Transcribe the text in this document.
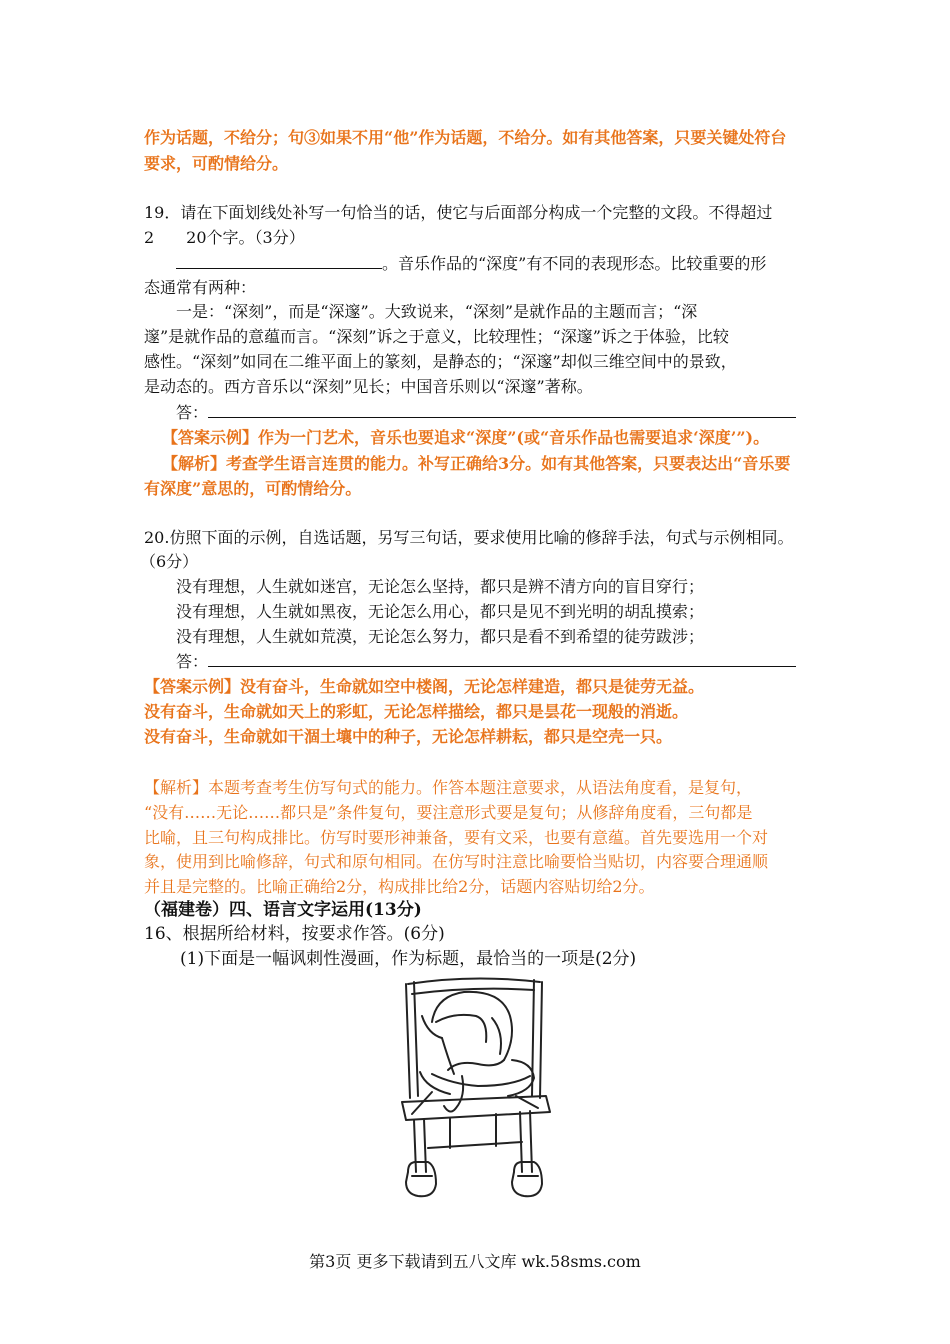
作为话题，不给分；句③如果不用“他”作为话题，不给分。如有其他答案，只要关键处符台
要求，可酌情给分。
19．请在下面划线处补写一句恰当的话，使它与后面部分构成一个完整的文段。不得超过
2　　20个字。（3分）
。音乐作品的“深度”有不同的表现形态。比较重要的形
态通常有两种：
一是：“深刻”，而是“深邃”。大致说来，“深刻”是就作品的主题而言；“深
邃”是就作品的意蕴而言。“深刻”诉之于意义，比较理性；“深邃”诉之于体验，比较
感性。“深刻”如同在二维平面上的篆刻，是静态的；“深邃”却似三维空间中的景致，
是动态的。西方音乐以“深刻”见长；中国音乐则以“深邃”著称。
答：
【答案示例】作为一门艺术，音乐也要追求“深度”(或“音乐作品也需要追求‘深度’”)。
【解析】考查学生语言连贯的能力。补写正确给3分。如有其他答案，只要表达出“音乐要
有深度”意思的，可酌情给分。
20.仿照下面的示例，自选话题，另写三句话，要求使用比喻的修辞手法，句式与示例相同。
（6分）
没有理想，人生就如迷宫，无论怎么坚持，都只是辨不清方向的盲目穿行；
没有理想，人生就如黑夜，无论怎么用心，都只是见不到光明的胡乱摸索；
没有理想，人生就如荒漠，无论怎么努力，都只是看不到希望的徒劳跋涉；
答：
【答案示例】没有奋斗，生命就如空中楼阁，无论怎样建造，都只是徒劳无益。
没有奋斗，生命就如天上的彩虹，无论怎样描绘，都只是昙花一现般的消逝。
没有奋斗，生命就如干涸土壤中的种子，无论怎样耕耘，都只是空壳一只。
【解析】本题考查考生仿写句式的能力。作答本题注意要求，从语法角度看，是复句，
“没有……无论……都只是”条件复句，要注意形式要是复句；从修辞角度看，三句都是
比喻，且三句构成排比。仿写时要形神兼备，要有文采，也要有意蕴。首先要选用一个对
象，使用到比喻修辞，句式和原句相同。在仿写时注意比喻要恰当贴切，内容要合理通顺
并且是完整的。比喻正确给2分，构成排比给2分，话题内容贴切给2分。
（福建卷）四、语言文字运用(13分)
16、根据所给材料，按要求作答。(6分)
(1)下面是一幅讽刺性漫画，作为标题，最恰当的一项是(2分)
第3页 更多下载请到五八文库 wk.58sms.com
